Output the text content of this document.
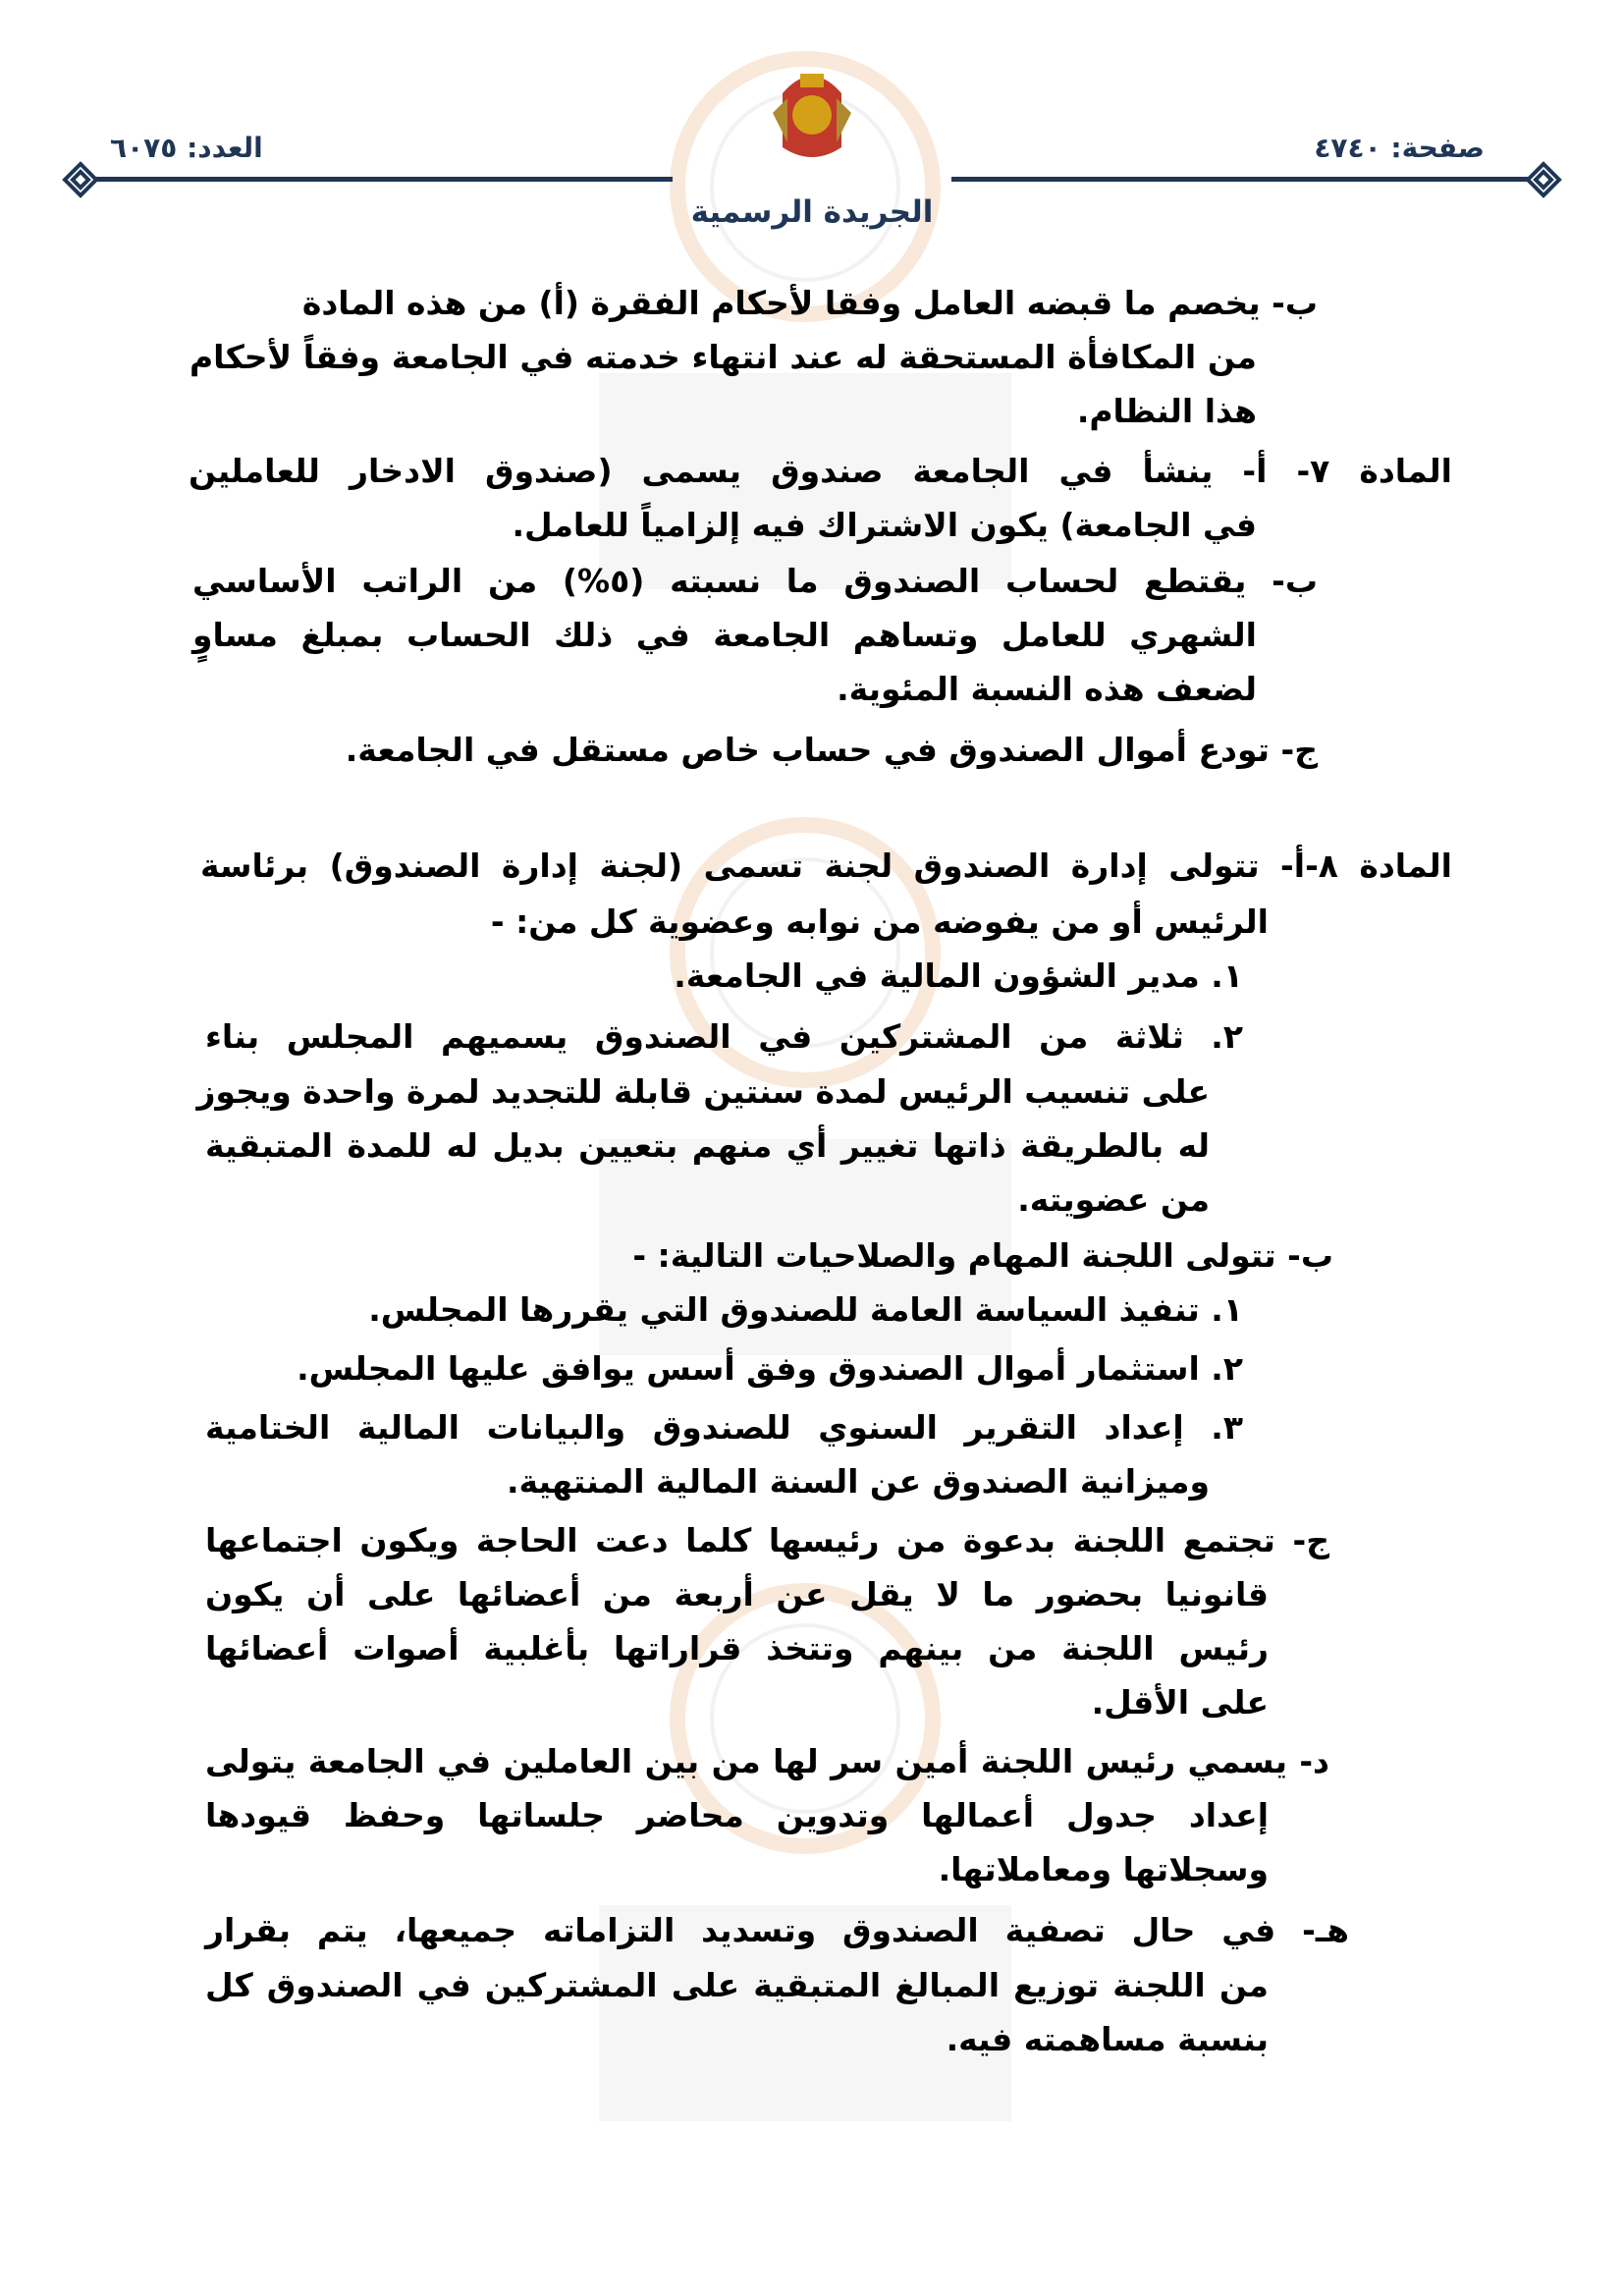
صفحة: ٤٧٤٠
العدد: ٦٠٧٥
الجريدة الرسمية
ب- يخصم ما قبضه العامل وفقا لأحكام الفقرة (أ) من هذه المادة
من المكافأة المستحقة له عند انتهاء خدمته في الجامعة وفقاً لأحكام
هذا النظام.
المادة ٧- أ- ينشأ في الجامعة صندوق يسمى (صندوق الادخار للعاملين
في الجامعة) يكون الاشتراك فيه إلزامياً للعامل.
ب- يقتطع لحساب الصندوق ما نسبته (٥%) من الراتب الأساسي
الشهري للعامل وتساهم الجامعة في ذلك الحساب بمبلغ مساوٍ
لضعف هذه النسبة المئوية.
ج- تودع أموال الصندوق في حساب خاص مستقل في الجامعة.
المادة ٨-أ- تتولى إدارة الصندوق لجنة تسمى (لجنة إدارة الصندوق) برئاسة
الرئيس أو من يفوضه من نوابه وعضوية كل من: -
١. مدير الشؤون المالية في الجامعة.
٢. ثلاثة من المشتركين في الصندوق يسميهم المجلس بناء
على تنسيب الرئيس لمدة سنتين قابلة للتجديد لمرة واحدة ويجوز
له بالطريقة ذاتها تغيير أي منهم بتعيين بديل له للمدة المتبقية
من عضويته.
ب- تتولى اللجنة المهام والصلاحيات التالية: -
١. تنفيذ السياسة العامة للصندوق التي يقررها المجلس.
٢. استثمار أموال الصندوق وفق أسس يوافق عليها المجلس.
٣. إعداد التقرير السنوي للصندوق والبيانات المالية الختامية
وميزانية الصندوق عن السنة المالية المنتهية.
ج- تجتمع اللجنة بدعوة من رئيسها كلما دعت الحاجة ويكون اجتماعها
قانونيا بحضور ما لا يقل عن أربعة من أعضائها على أن يكون
رئيس اللجنة من بينهم وتتخذ قراراتها بأغلبية أصوات أعضائها
على الأقل.
د- يسمي رئيس اللجنة أمين سر لها من بين العاملين في الجامعة يتولى
إعداد جدول أعمالها وتدوين محاضر جلساتها وحفظ قيودها
وسجلاتها ومعاملاتها.
هـ- في حال تصفية الصندوق وتسديد التزاماته جميعها، يتم بقرار
من اللجنة توزيع المبالغ المتبقية على المشتركين في الصندوق كل
بنسبة مساهمته فيه.
